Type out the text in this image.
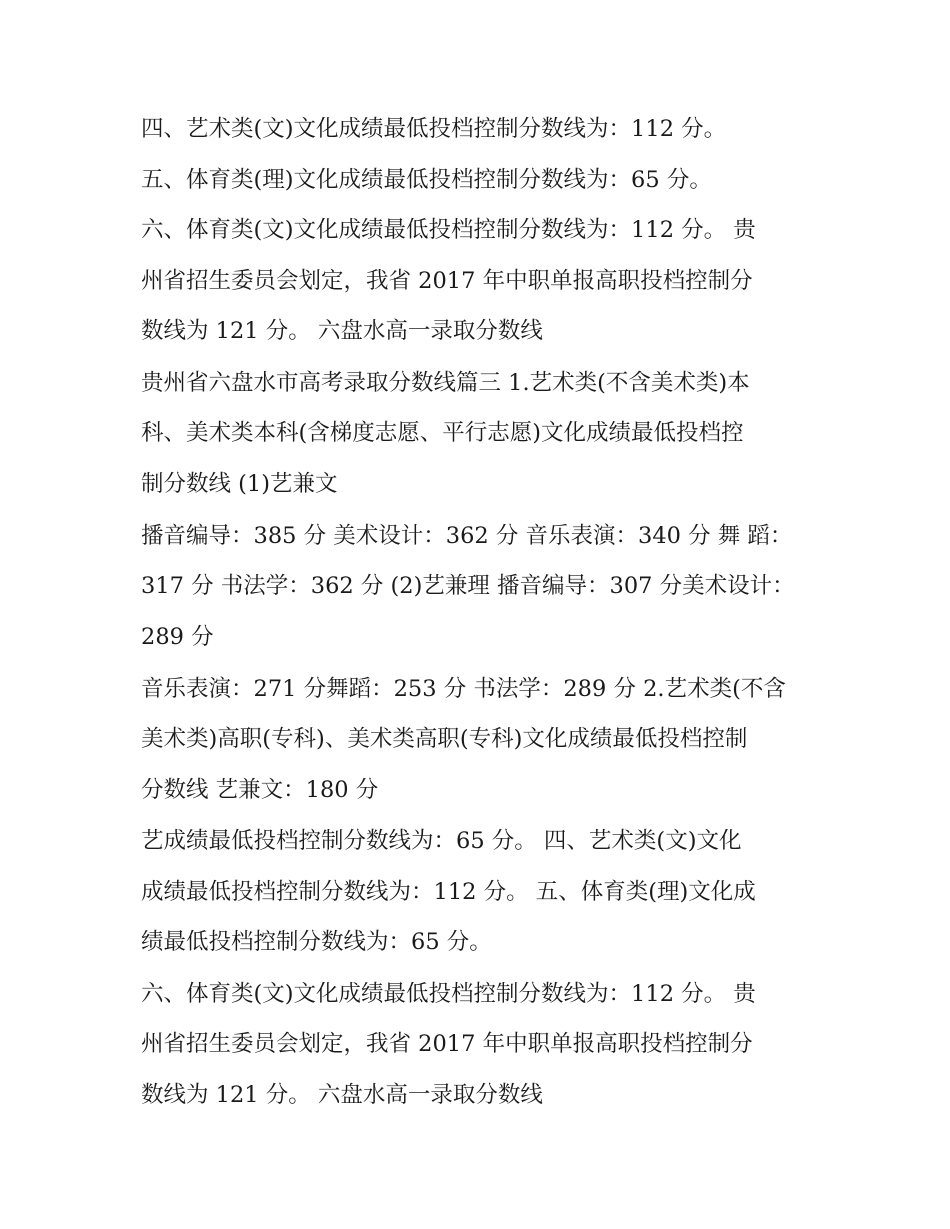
四、艺术类(文)文化成绩最低投档控制分数线为：112 分。
五、体育类(理)文化成绩最低投档控制分数线为：65 分。
六、体育类(文)文化成绩最低投档控制分数线为：112 分。 贵
州省招生委员会划定，我省 2017 年中职单报高职投档控制分
数线为 121 分。 六盘水高一录取分数线
贵州省六盘水市高考录取分数线篇三 1.艺术类(不含美术类)本
科、美术类本科(含梯度志愿、平行志愿)文化成绩最低投档控
制分数线 (1)艺兼文
播音编导：385 分 美术设计：362 分 音乐表演：340 分 舞 蹈：
317 分 书法学：362 分 (2)艺兼理 播音编导：307 分美术设计：
289 分
音乐表演：271 分舞蹈：253 分 书法学：289 分 2.艺术类(不含
美术类)高职(专科)、美术类高职(专科)文化成绩最低投档控制
分数线 艺兼文：180 分
艺成绩最低投档控制分数线为：65 分。 四、艺术类(文)文化
成绩最低投档控制分数线为：112 分。 五、体育类(理)文化成
绩最低投档控制分数线为：65 分。
六、体育类(文)文化成绩最低投档控制分数线为：112 分。 贵
州省招生委员会划定，我省 2017 年中职单报高职投档控制分
数线为 121 分。 六盘水高一录取分数线
